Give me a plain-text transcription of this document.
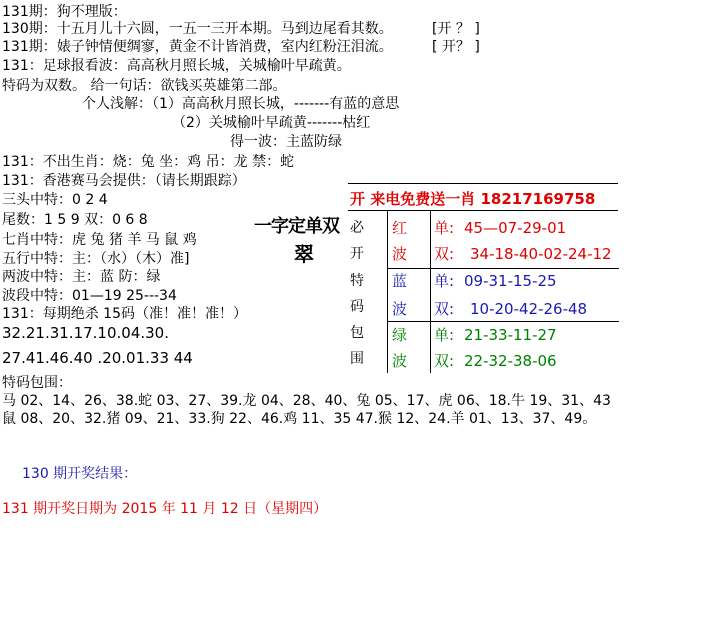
131期：狗不理版：
130期：十五月儿十六圆，一五一三开本期。马到边尾看其数。	[开 ？ ]
131期：婊子钟情便绸寥，黄金不计皆消费，室内红粉汪泪流。	[ 开？ ]
131：足球报看波：高高秋月照长城，关城榆叶早疏黄。
特码为双数。 给一句话：欲钱买英雄第二部。
个人浅解：（1）高高秋月照长城，-------有蓝的意思
（2）关城榆叶早疏黄-------枯红
得一波：主蓝防绿
131：不出生肖：烧：兔 坐：鸡 吊：龙 禁：蛇
131：香港赛马会提供：（请长期跟踪）
三头中特：0 2 4
尾数：1 5 9 双：0 6 8
七肖中特：虎 兔 猪 羊 马 鼠 鸡
五行中特：主：（水）（木）准]
两波中特：主：蓝 防：绿
波段中特：01—19 25---34
131：每期绝杀 15码（准！准！准！）
32.21.31.17.10.04.30.
27.41.46.40 .20.01.33 44
一字定单双
翠
开 来电免费送一肖 18217169758
必
开
特
码
包
围
红 单: 45—07-29-01
波 双: 34-18-40-02-24-12
蓝 单: 09-31-15-25
波 双: 10-20-42-26-48
绿 单: 21-33-11-27
波 双: 22-32-38-06
特码包围：
马 02、14、26、38.蛇 03、27、39.龙 04、28、40、兔 05、17、虎 06、18.牛 19、31、43
鼠 08、20、32.猪 09、21、33.狗 22、46.鸡 11、35 47.猴 12、24.羊 01、13、37、49。
130 期开奖结果：
131 期开奖日期为 2015 年 11 月 12 日（星期四）
